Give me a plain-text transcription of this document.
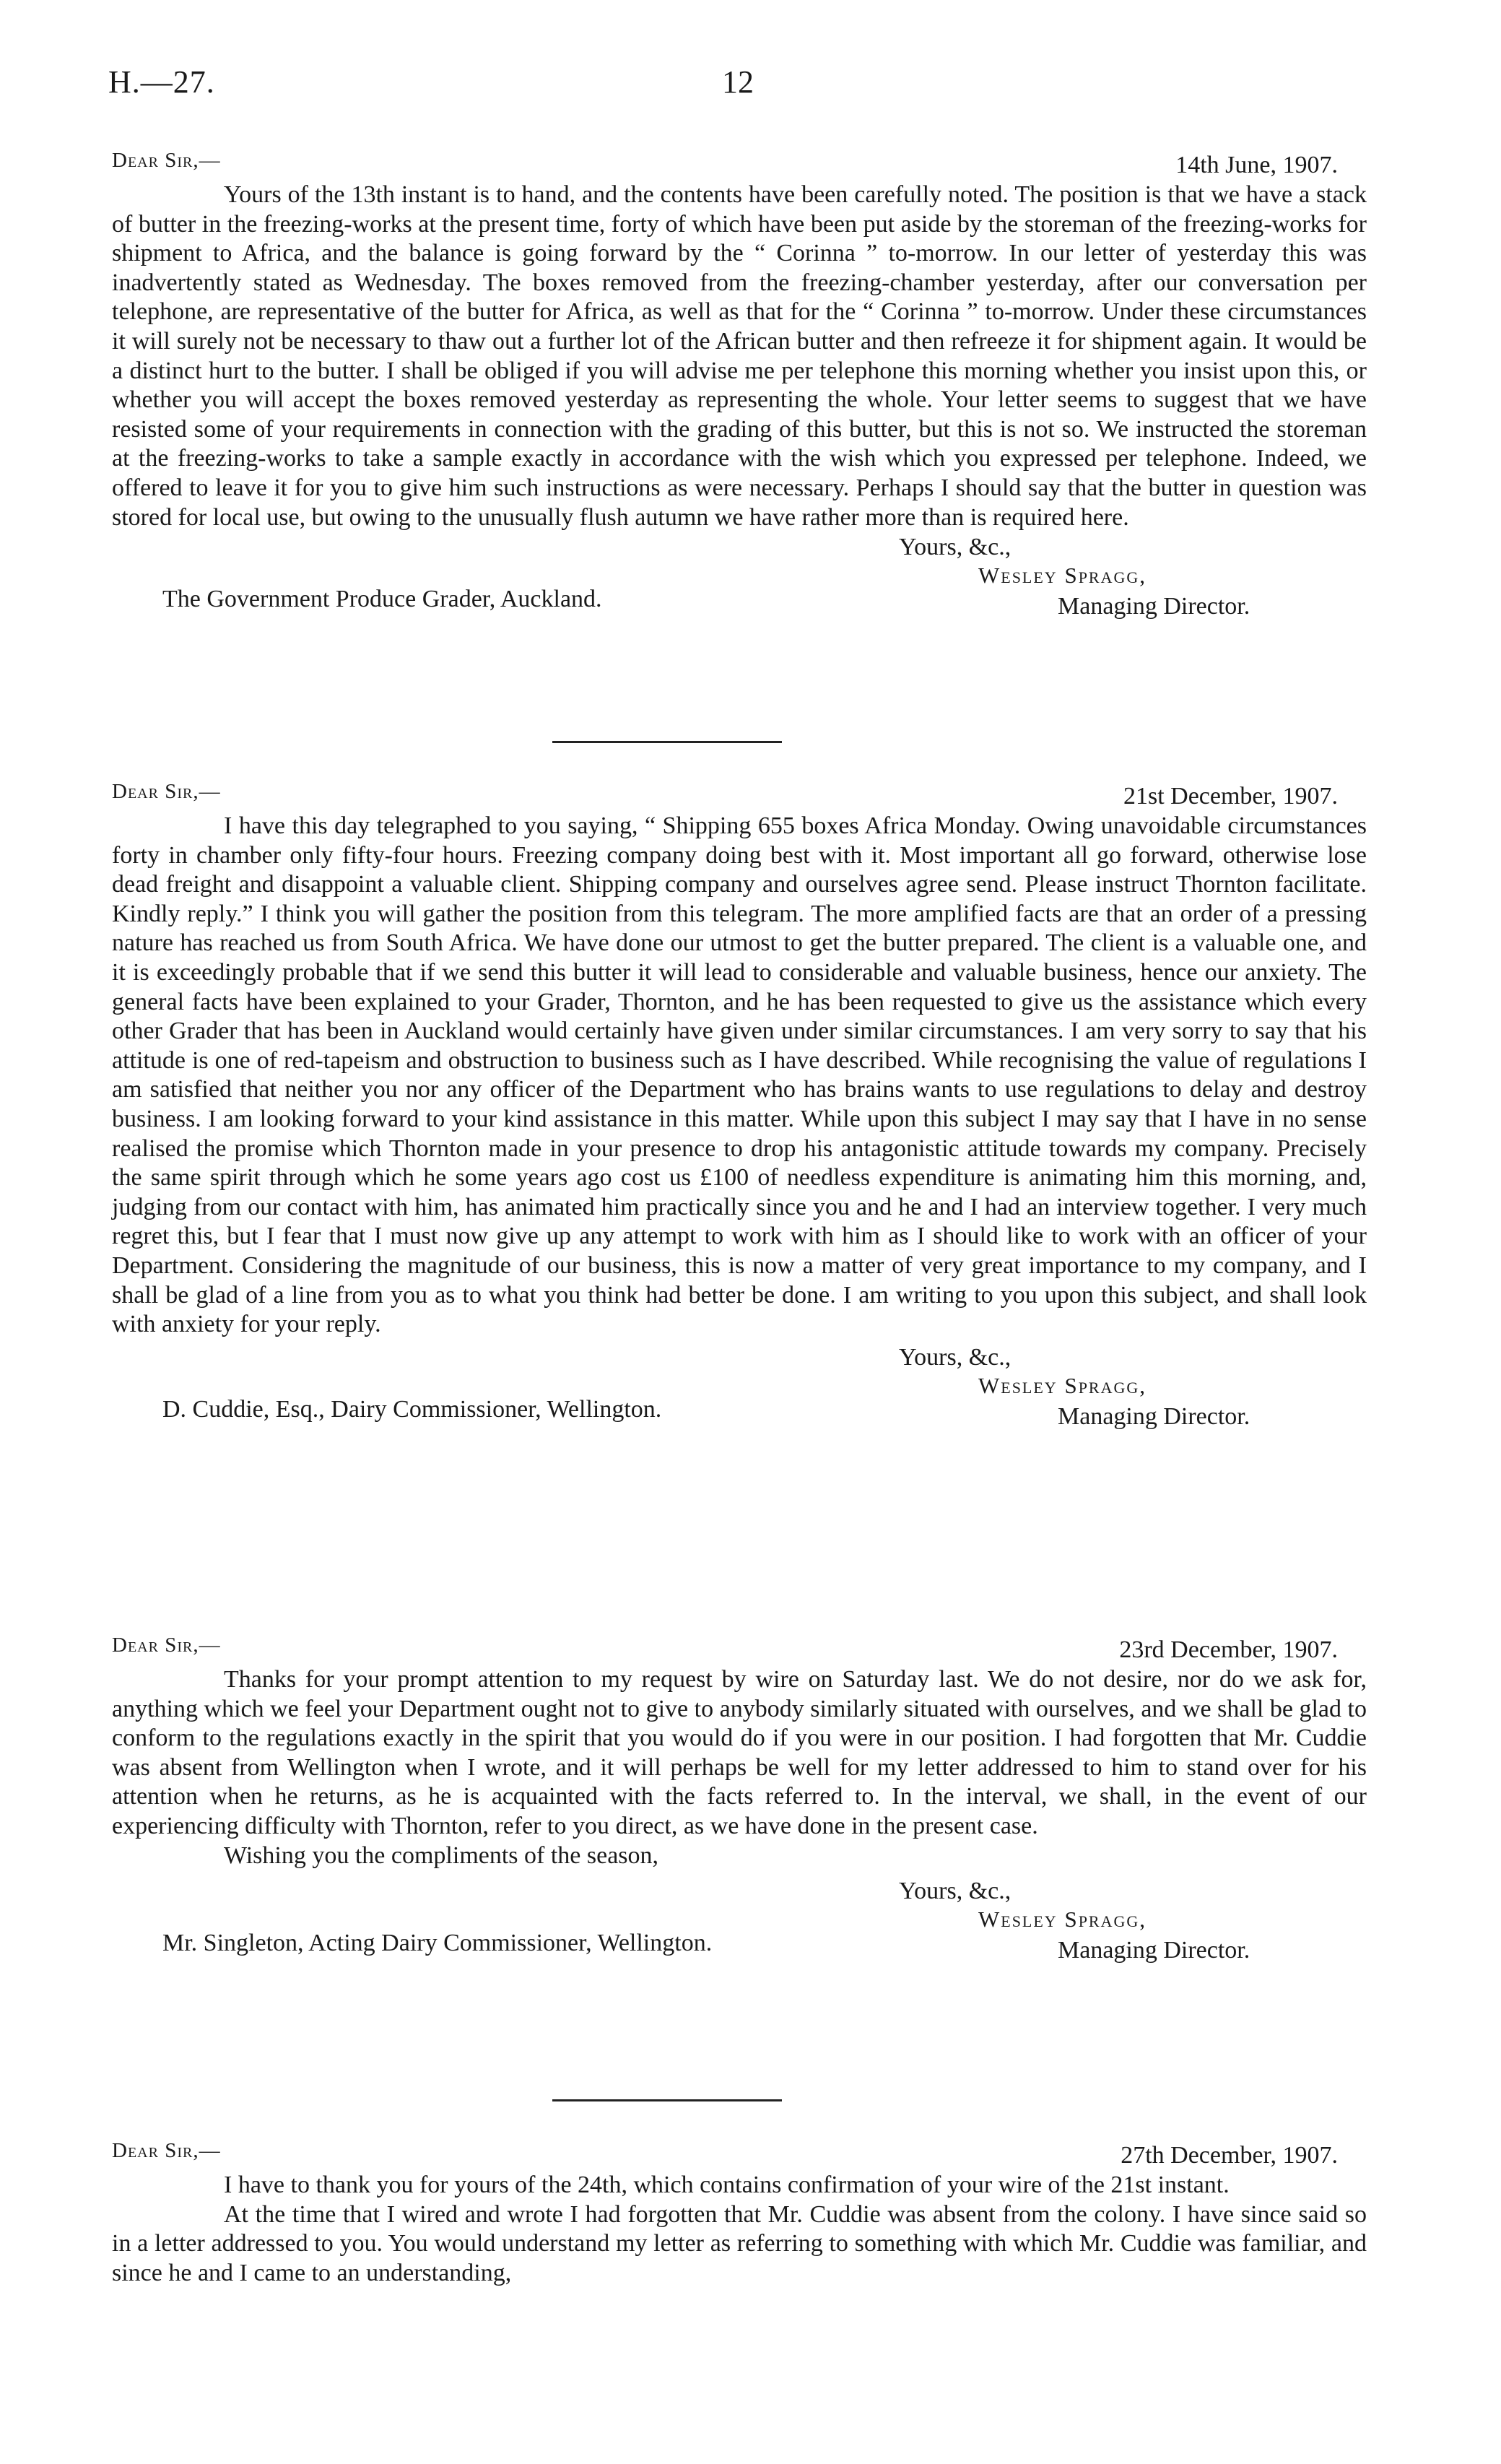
H.—27.	12
Dear Sir,—	14th June, 1907.

Yours of the 13th instant is to hand, and the contents have been carefully noted. The position is that we have a stack of butter in the freezing-works at the present time, forty of which have been put aside by the storeman of the freezing-works for shipment to Africa, and the balance is going forward by the “ Corinna ” to-morrow. In our letter of yesterday this was inadvertently stated as Wednesday. The boxes removed from the freezing-chamber yesterday, after our conversation per telephone, are representative of the butter for Africa, as well as that for the “ Corinna ” to-morrow. Under these circumstances it will surely not be necessary to thaw out a further lot of the African butter and then refreeze it for shipment again. It would be a distinct hurt to the butter. I shall be obliged if you will advise me per telephone this morning whether you insist upon this, or whether you will accept the boxes removed yesterday as representing the whole. Your letter seems to suggest that we have resisted some of your requirements in connection with the grading of this butter, but this is not so. We instructed the storeman at the freezing-works to take a sample exactly in accordance with the wish which you expressed per telephone. Indeed, we offered to leave it for you to give him such instructions as were necessary. Perhaps I should say that the butter in question was stored for local use, but owing to the unusually flush autumn we have rather more than is required here.

Yours, &c.,
Wesley Spragg,
Managing Director.
The Government Produce Grader, Auckland.
Dear Sir,—	21st December, 1907.

I have this day telegraphed to you saying, “ Shipping 655 boxes Africa Monday. Owing unavoidable circumstances forty in chamber only fifty-four hours. Freezing company doing best with it. Most important all go forward, otherwise lose dead freight and disappoint a valuable client. Shipping company and ourselves agree send. Please instruct Thornton facilitate. Kindly reply.” I think you will gather the position from this telegram. The more amplified facts are that an order of a pressing nature has reached us from South Africa. We have done our utmost to get the butter prepared. The client is a valuable one, and it is exceedingly probable that if we send this butter it will lead to considerable and valuable business, hence our anxiety. The general facts have been explained to your Grader, Thornton, and he has been requested to give us the assistance which every other Grader that has been in Auckland would certainly have given under similar circumstances. I am very sorry to say that his attitude is one of red-tapeism and obstruction to business such as I have described. While recognising the value of regulations I am satisfied that neither you nor any officer of the Department who has brains wants to use regulations to delay and destroy business. I am looking forward to your kind assistance in this matter. While upon this subject I may say that I have in no sense realised the promise which Thornton made in your presence to drop his antagonistic attitude towards my company. Precisely the same spirit through which he some years ago cost us £100 of needless expenditure is animating him this morning, and, judging from our contact with him, has animated him practically since you and he and I had an interview together. I very much regret this, but I fear that I must now give up any attempt to work with him as I should like to work with an officer of your Department. Considering the magnitude of our business, this is now a matter of very great importance to my company, and I shall be glad of a line from you as to what you think had better be done. I am writing to you upon this subject, and shall look with anxiety for your reply.

Yours, &c.,
Wesley Spragg,
Managing Director.
D. Cuddie, Esq., Dairy Commissioner, Wellington.
Dear Sir,—	23rd December, 1907.

Thanks for your prompt attention to my request by wire on Saturday last. We do not desire, nor do we ask for, anything which we feel your Department ought not to give to anybody similarly situated with ourselves, and we shall be glad to conform to the regulations exactly in the spirit that you would do if you were in our position. I had forgotten that Mr. Cuddie was absent from Wellington when I wrote, and it will perhaps be well for my letter addressed to him to stand over for his attention when he returns, as he is acquainted with the facts referred to. In the interval, we shall, in the event of our experiencing difficulty with Thornton, refer to you direct, as we have done in the present case.

Wishing you the compliments of the season,

Yours, &c.,
Wesley Spragg,
Managing Director.
Mr. Singleton, Acting Dairy Commissioner, Wellington.
Dear Sir,—	27th December, 1907.

I have to thank you for yours of the 24th, which contains confirmation of your wire of the 21st instant.

At the time that I wired and wrote I had forgotten that Mr. Cuddie was absent from the colony. I have since said so in a letter addressed to you. You would understand my letter as referring to something with which Mr. Cuddie was familiar, and since he and I came to an understanding,
